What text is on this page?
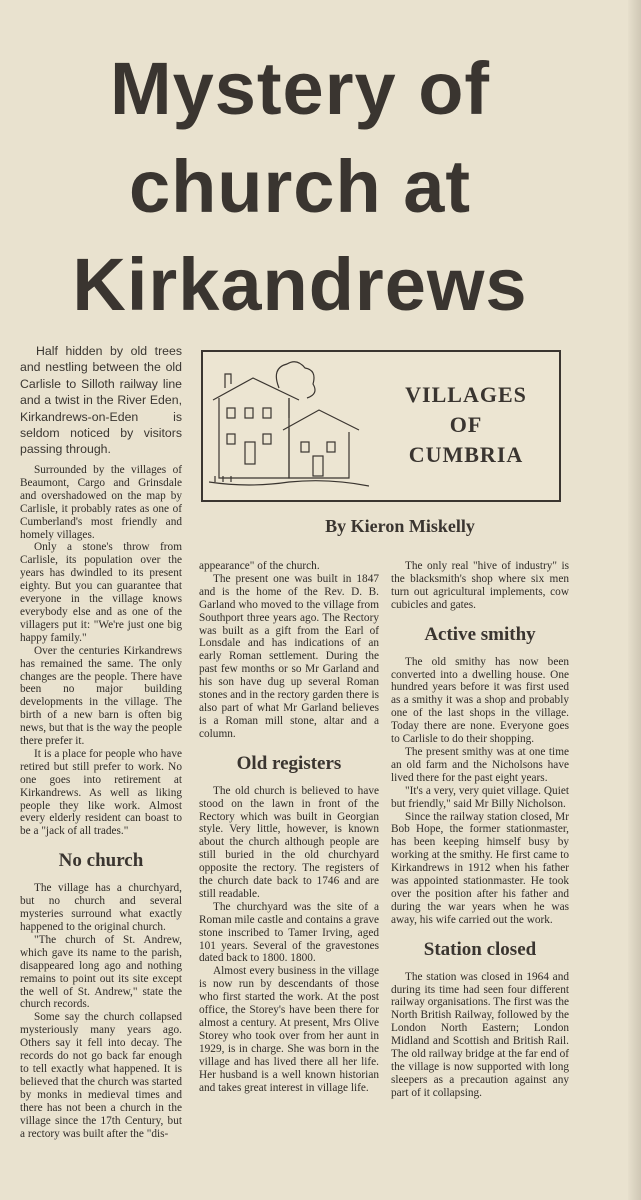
Mystery of
church at
Kirkandrews

Half hidden by old trees and nestling between the old Carlisle to Silloth railway line and a twist in the River Eden, Kirkandrews-on-Eden is seldom noticed by visitors passing through.

VILLAGES
OF
CUMBRIA
By Kieron Miskelly

Surrounded by the villages of Beaumont, Cargo and Grinsdale and overshadowed on the map by Carlisle, it probably rates as one of Cumberland's most friendly and homely villages.

Only a stone's throw from Carlisle, its population over the years has dwindled to its present eighty. But you can guarantee that everyone in the village knows everybody else and as one of the villagers put it: "We're just one big happy family."

Over the centuries Kirkandrews has remained the same. The only changes are the people. There have been no major building developments in the village. The birth of a new barn is often big news, but that is the way the people there prefer it.

It is a place for people who have retired but still prefer to work. No one goes into retirement at Kirkandrews. As well as liking people they like work. Almost every elderly resident can boast to be a "jack of all trades."

No church

The village has a churchyard, but no church and several mysteries surround what exactly happened to the original church.

"The church of St. Andrew, which gave its name to the parish, disappeared long ago and nothing remains to point out its site except the well of St. Andrew," state the church records.

Some say the church collapsed mysteriously many years ago. Others say it fell into decay. The records do not go back far enough to tell exactly what happened. It is believed that the church was started by monks in medieval times and there has not been a church in the village since the 17th Century, but a rectory was built after the "dis-

appearance" of the church.

The present one was built in 1847 and is the home of the Rev. D. B. Garland who moved to the village from Southport three years ago. The Rectory was built as a gift from the Earl of Lonsdale and has indications of an early Roman settlement. During the past few months or so Mr Garland and his son have dug up several Roman stones and in the rectory garden there is also part of what Mr Garland believes is a Roman mill stone, altar and a column.

Old registers

The old church is believed to have stood on the lawn in front of the Rectory which was built in Georgian style. Very little, however, is known about the church although people are still buried in the old churchyard opposite the rectory. The registers of the church date back to 1746 and are still readable.

The churchyard was the site of a Roman mile castle and contains a grave stone inscribed to Tamer Irving, aged 101 years. Several of the gravestones dated back to 1800. 1800.

Almost every business in the village is now run by descendants of those who first started the work. At the post office, the Storey's have been there for almost a century. At present, Mrs Olive Storey who took over from her aunt in 1929, is in charge. She was born in the village and has lived there all her life. Her husband is a well known historian and takes great interest in village life.

The only real "hive of industry" is the blacksmith's shop where six men turn out agricultural implements, cow cubicles and gates.

Active smithy

The old smithy has now been converted into a dwelling house. One hundred years before it was first used as a smithy it was a shop and probably one of the last shops in the village. Today there are none. Everyone goes to Carlisle to do their shopping.

The present smithy was at one time an old farm and the Nicholsons have lived there for the past eight years.

"It's a very, very quiet village. Quiet but friendly," said Mr Billy Nicholson.

Since the railway station closed, Mr Bob Hope, the former stationmaster, has been keeping himself busy by working at the smithy. He first came to Kirkandrews in 1912 when his father was appointed stationmaster. He took over the position after his father and during the war years when he was away, his wife carried out the work.

Station closed

The station was closed in 1964 and during its time had seen four different railway organisations. The first was the North British Railway, followed by the London North Eastern; London Midland and Scottish and British Rail. The old railway bridge at the far end of the village is now supported with long sleepers as a precaution against any part of it collapsing.
